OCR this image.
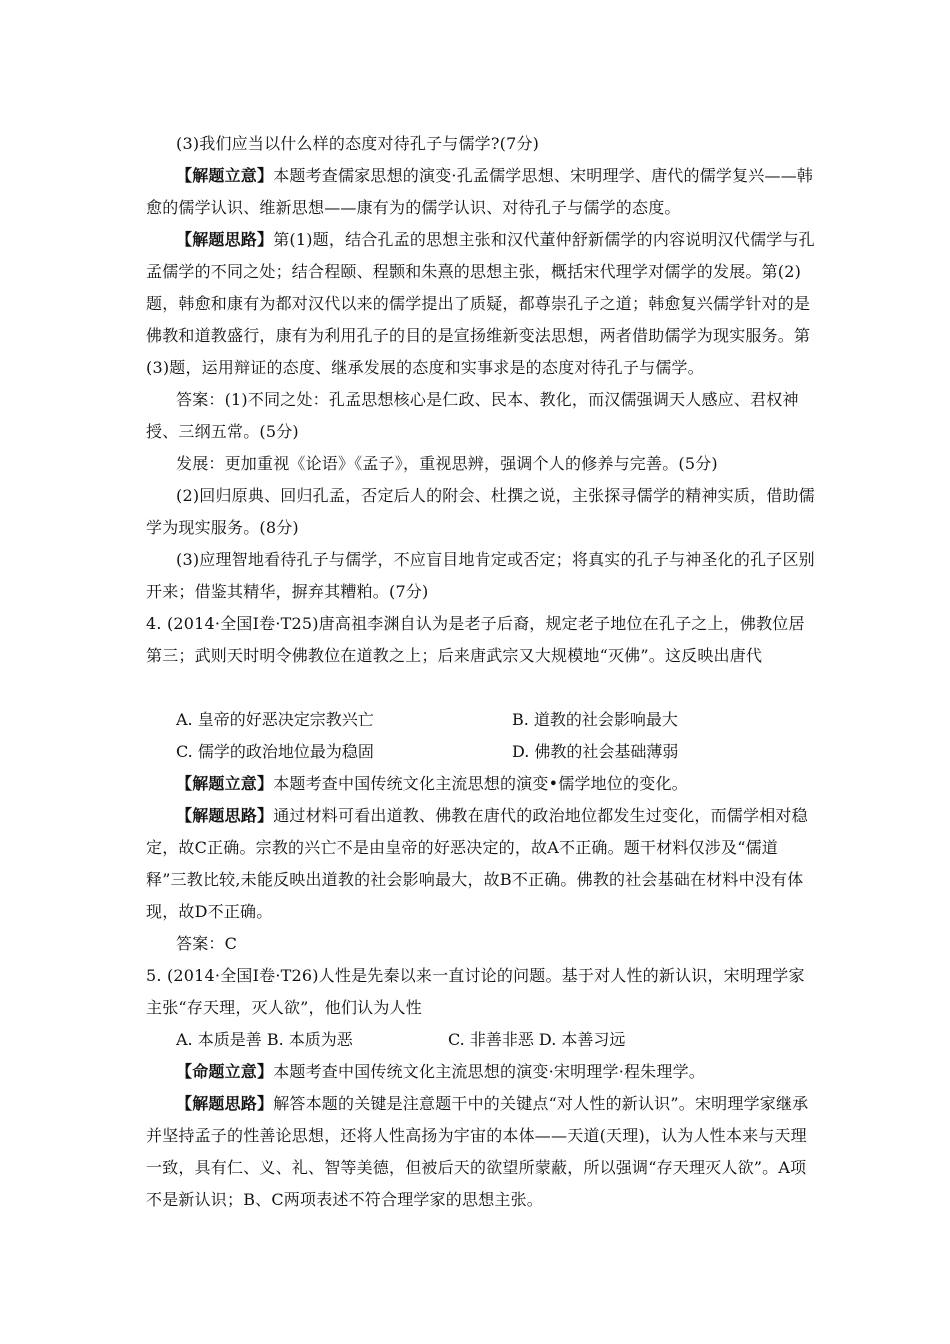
(3)我们应当以什么样的态度对待孔子与儒学?(7分)
【解题立意】本题考查儒家思想的演变·孔孟儒学思想、宋明理学、唐代的儒学复兴——韩愈的儒学认识、维新思想——康有为的儒学认识、对待孔子与儒学的态度。
【解题思路】第(1)题，结合孔孟的思想主张和汉代董仲舒新儒学的内容说明汉代儒学与孔孟儒学的不同之处；结合程颐、程颢和朱熹的思想主张，概括宋代理学对儒学的发展。第(2)题，韩愈和康有为都对汉代以来的儒学提出了质疑，都尊崇孔子之道；韩愈复兴儒学针对的是佛教和道教盛行，康有为利用孔子的目的是宣扬维新变法思想，两者借助儒学为现实服务。第(3)题，运用辩证的态度、继承发展的态度和实事求是的态度对待孔子与儒学。
答案：(1)不同之处：孔孟思想核心是仁政、民本、教化，而汉儒强调天人感应、君权神授、三纲五常。(5分)
发展：更加重视《论语》《孟子》，重视思辨，强调个人的修养与完善。(5分)
(2)回归原典、回归孔孟，否定后人的附会、杜撰之说，主张探寻儒学的精神实质，借助儒学为现实服务。(8分)
(3)应理智地看待孔子与儒学，不应盲目地肯定或否定；将真实的孔子与神圣化的孔子区别开来；借鉴其精华，摒弃其糟粕。(7分)
4. (2014·全国Ⅰ卷·T25)唐高祖李渊自认为是老子后裔，规定老子地位在孔子之上，佛教位居第三；武则天时明令佛教位在道教之上；后来唐武宗又大规模地“灭佛”。这反映出唐代
A. 皇帝的好恶决定宗教兴亡	B. 道教的社会影响最大
C. 儒学的政治地位最为稳固	D. 佛教的社会基础薄弱
【解题立意】本题考查中国传统文化主流思想的演变•儒学地位的变化。
【解题思路】通过材料可看出道教、佛教在唐代的政治地位都发生过变化，而儒学相对稳定，故C正确。宗教的兴亡不是由皇帝的好恶决定的，故A不正确。题干材料仅涉及“儒道释”三教比较,未能反映出道教的社会影响最大，故B不正确。佛教的社会基础在材料中没有体现，故D不正确。
答案：C
5. (2014·全国Ⅰ卷·T26)人性是先秦以来一直讨论的问题。基于对人性的新认识，宋明理学家主张“存天理，灭人欲”，他们认为人性
A. 本质是善 B. 本质为恶	C. 非善非恶 D. 本善习远
【命题立意】本题考查中国传统文化主流思想的演变·宋明理学·程朱理学。
【解题思路】解答本题的关键是注意题干中的关键点“对人性的新认识”。宋明理学家继承并坚持孟子的性善论思想，还将人性高扬为宇宙的本体——天道(天理)，认为人性本来与天理一致，具有仁、义、礼、智等美德，但被后天的欲望所蒙蔽，所以强调“存天理灭人欲”。A项不是新认识；B、C两项表述不符合理学家的思想主张。
